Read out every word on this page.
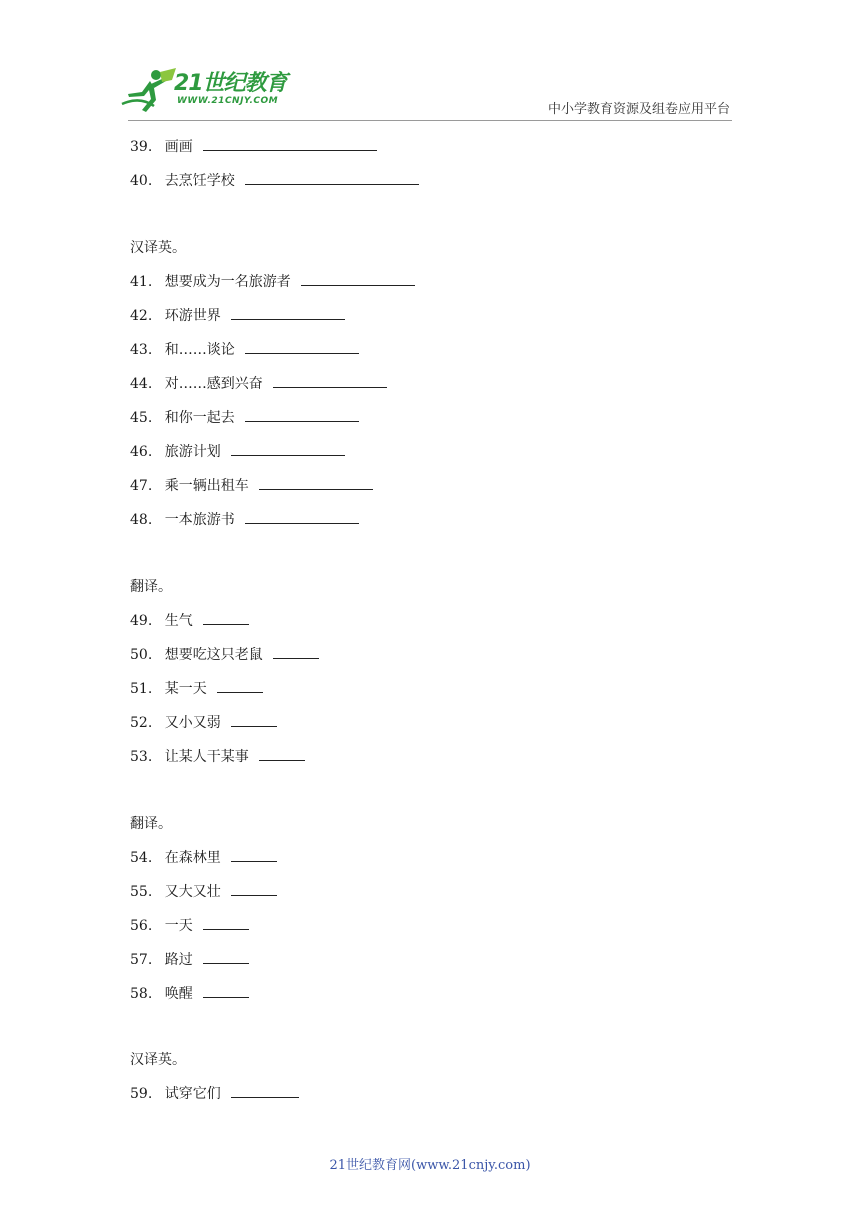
21世纪教育
WWW.21CNJY.COM
中小学教育资源及组卷应用平台
39. 画画
40. 去烹饪学校
汉译英。
41. 想要成为一名旅游者
42. 环游世界
43. 和……谈论
44. 对……感到兴奋
45. 和你一起去
46. 旅游计划
47. 乘一辆出租车
48. 一本旅游书
翻译。
49. 生气
50. 想要吃这只老鼠
51. 某一天
52. 又小又弱
53. 让某人干某事
翻译。
54. 在森林里
55. 又大又壮
56. 一天
57. 路过
58. 唤醒
汉译英。
59. 试穿它们
21世纪教育网(www.21cnjy.com)
